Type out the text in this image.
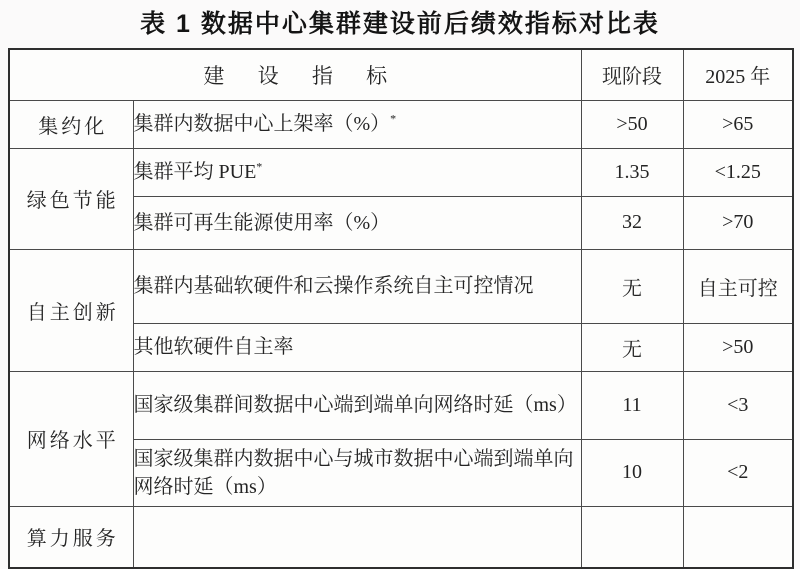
表 1 数据中心集群建设前后绩效指标对比表
建 设 指 标		现阶段	2025 年
集约化	集群内数据中心上架率（%）*	>50	>65
绿色节能	集群平均 PUE*	1.35	<1.25
	集群可再生能源使用率（%）	32	>70
自主创新	集群内基础软硬件和云操作系统自主可控情况	无	自主可控
	其他软硬件自主率	无	>50
网络水平	国家级集群间数据中心端到端单向网络时延（ms）	11	<3
	国家级集群内数据中心与城市数据中心端到端单向网络时延（ms）	10	<2
算力服务			
